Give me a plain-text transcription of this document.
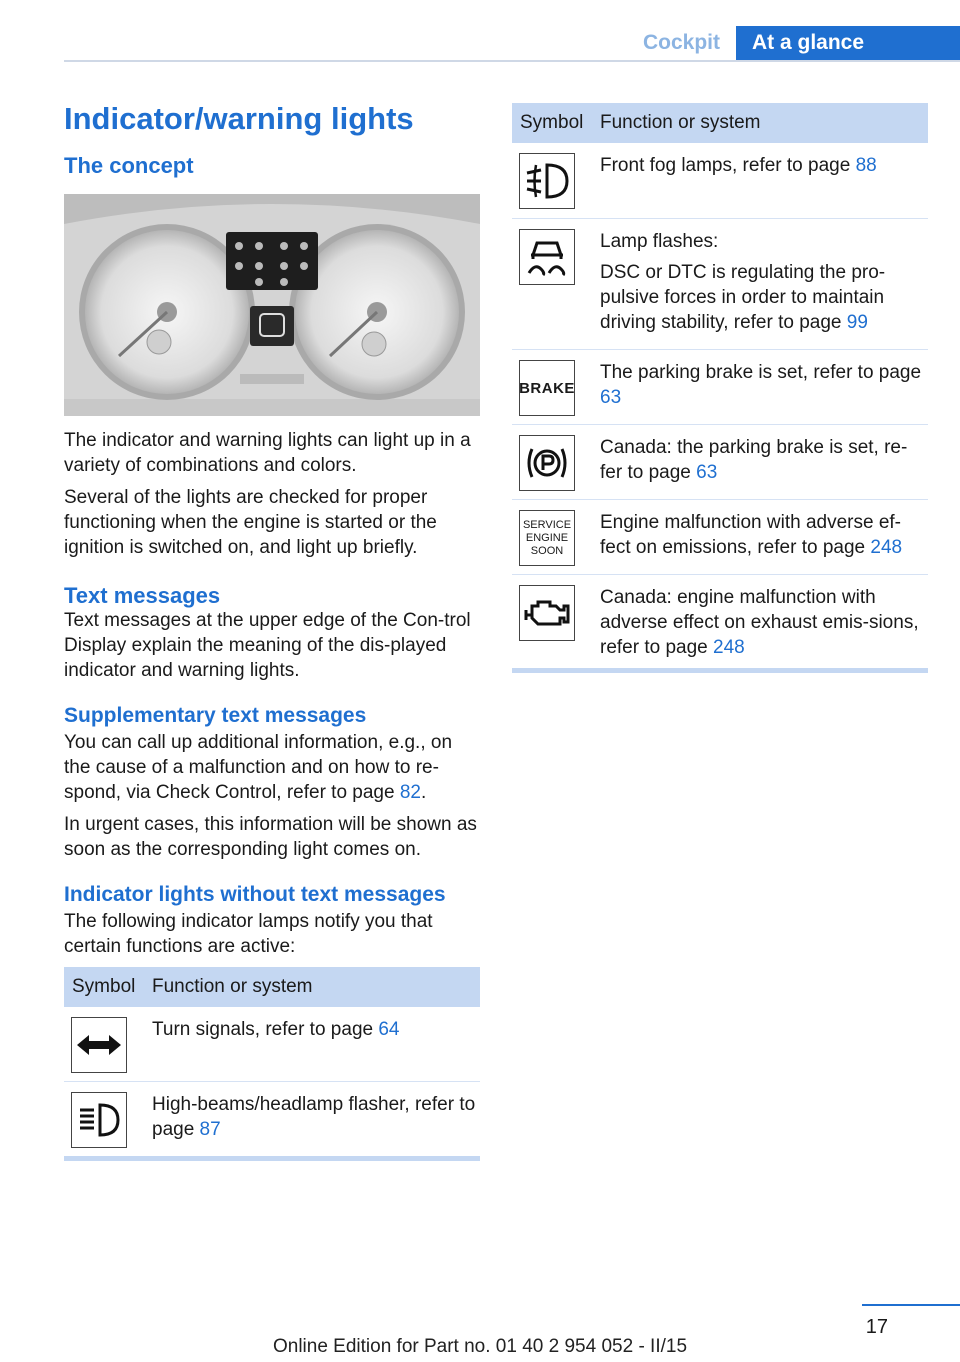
Cockpit	At a glance
Indicator/warning lights
The concept

The indicator and warning lights can light up in a variety of combinations and colors.

Several of the lights are checked for proper functioning when the engine is started or the ignition is switched on, and light up briefly.

Text messages

Text messages at the upper edge of the Con-trol Display explain the meaning of the dis-played indicator and warning lights.

Supplementary text messages

You can call up additional information, e.g., on the cause of a malfunction and on how to re-spond, via Check Control, refer to page 82.

In urgent cases, this information will be shown as soon as the corresponding light comes on.

Indicator lights without text messages

The following indicator lamps notify you that certain functions are active:

Symbol Function or system
Turn signals, refer to page 64
High-beams/headlamp flasher, refer to page 87
Symbol Function or system
Front fog lamps, refer to page 88

Lamp flashes:

DSC or DTC is regulating the pro-pulsive forces in order to maintain driving stability, refer to page 99

BRAKE
The parking brake is set, refer to page 63
Canada: the parking brake is set, re-fer to page 63
SERVICE
ENGINE
SOON
Engine malfunction with adverse ef-fect on emissions, refer to page 248
Canada: engine malfunction with adverse effect on exhaust emis-sions, refer to page 248
17
Online Edition for Part no. 01 40 2 954 052 - II/15
